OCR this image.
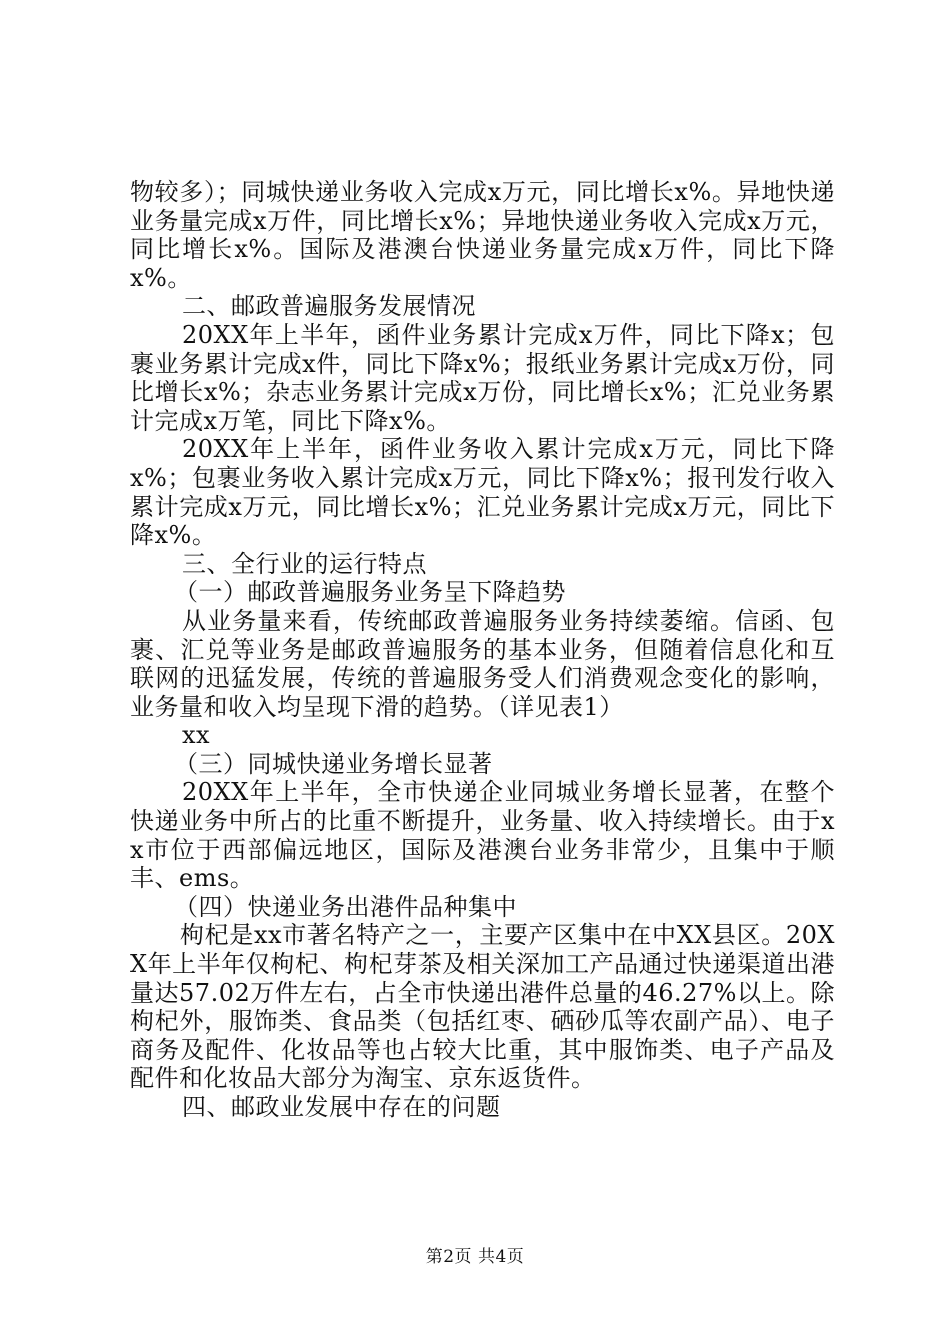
物较多）；同城快递业务收入完成x万元，同比增长x%。异地快递业务量完成x万件，同比增长x%；异地快递业务收入完成x万元，同比增长x%。国际及港澳台快递业务量完成x万件，同比下降x%。

二、邮政普遍服务发展情况

20XX年上半年，函件业务累计完成x万件，同比下降x；包裹业务累计完成x件，同比下降x%；报纸业务累计完成x万份，同比增长x%；杂志业务累计完成x万份，同比增长x%；汇兑业务累计完成x万笔，同比下降x%。

20XX年上半年，函件业务收入累计完成x万元，同比下降x%；包裹业务收入累计完成x万元，同比下降x%；报刊发行收入累计完成x万元，同比增长x%；汇兑业务累计完成x万元，同比下降x%。

三、全行业的运行特点

（一）邮政普遍服务业务呈下降趋势

从业务量来看，传统邮政普遍服务业务持续萎缩。信函、包裹、汇兑等业务是邮政普遍服务的基本业务，但随着信息化和互联网的迅猛发展，传统的普遍服务受人们消费观念变化的影响，业务量和收入均呈现下滑的趋势。（详见表1）

xx

（三）同城快递业务增长显著

20XX年上半年，全市快递企业同城业务增长显著，在整个快递业务中所占的比重不断提升，业务量、收入持续增长。由于xx市位于西部偏远地区，国际及港澳台业务非常少，且集中于顺丰、ems。

（四）快递业务出港件品种集中

枸杞是xx市著名特产之一，主要产区集中在中XX县区。20XX年上半年仅枸杞、枸杞芽茶及相关深加工产品通过快递渠道出港量达57.02万件左右，占全市快递出港件总量的46.27%以上。除枸杞外，服饰类、食品类（包括红枣、硒砂瓜等农副产品）、电子商务及配件、化妆品等也占较大比重，其中服饰类、电子产品及配件和化妆品大部分为淘宝、京东返货件。

四、邮政业发展中存在的问题

第2页 共4页
